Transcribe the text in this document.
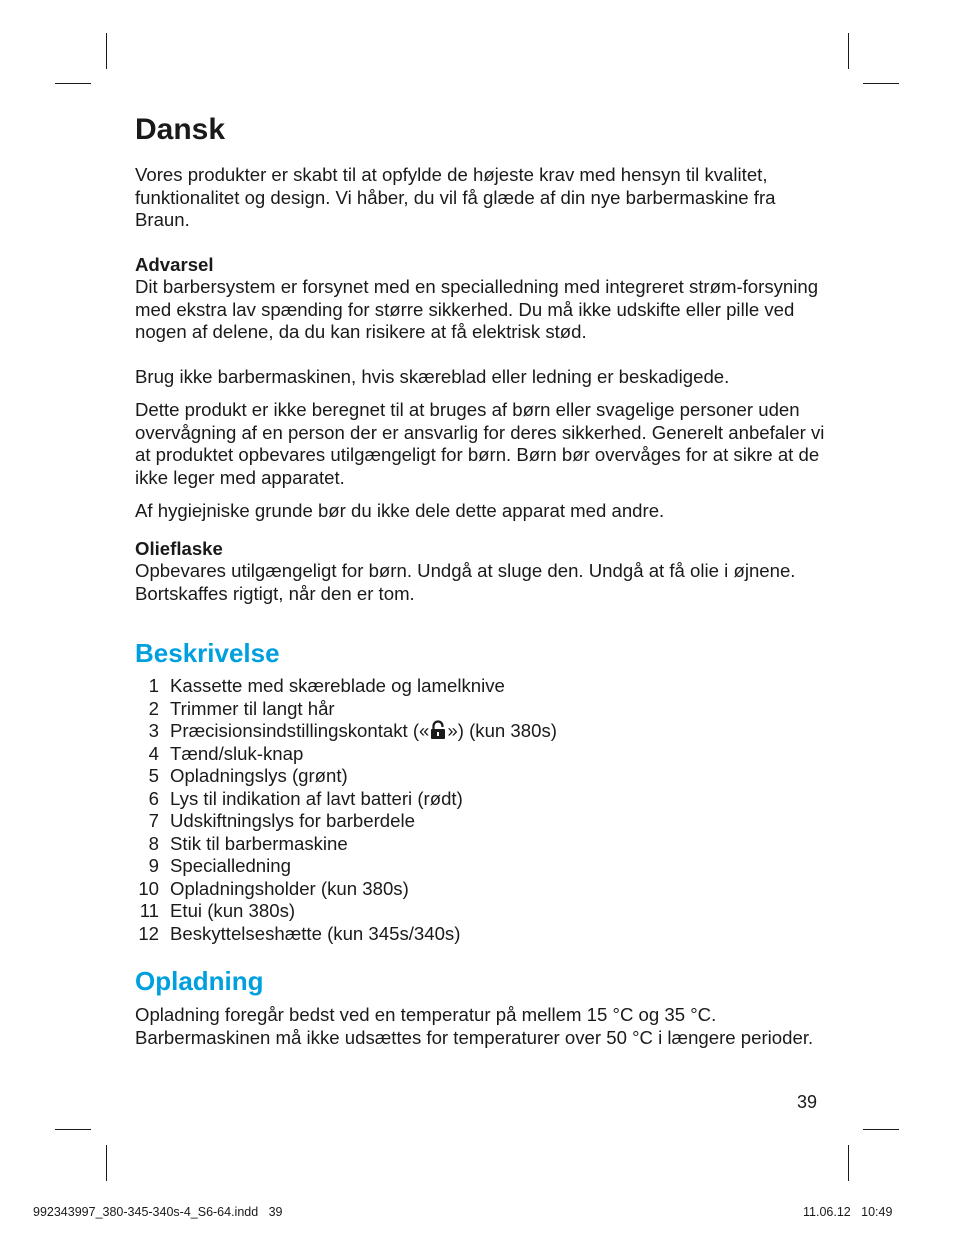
Dansk

Vores produkter er skabt til at opfylde de højeste krav med hensyn til kvalitet, funktionalitet og design. Vi håber, du vil få glæde af din nye barbermaskine fra Braun.

Advarsel

Dit barbersystem er forsynet med en specialledning med integreret strøm-forsyning med ekstra lav spænding for større sikkerhed. Du må ikke udskifte eller pille ved nogen af delene, da du kan risikere at få elektrisk stød.

Brug ikke barbermaskinen, hvis skæreblad eller ledning er beskadigede.

Dette produkt er ikke beregnet til at bruges af børn eller svagelige personer uden overvågning af en person der er ansvarlig for deres sikkerhed. Generelt anbefaler vi at produktet opbevares utilgængeligt for børn. Børn bør overvåges for at sikre at de ikke leger med apparatet.

Af hygiejniske grunde bør du ikke dele dette apparat med andre.

Olieflaske

Opbevares utilgængeligt for børn. Undgå at sluge den. Undgå at få olie i øjnene. Bortskaffes rigtigt, når den er tom.

Beskrivelse
1 Kassette med skæreblade og lamelknive
2 Trimmer til langt hår
3 Præcisionsindstillingskontakt (« ») (kun 380s)
4 Tænd/sluk-knap
5 Opladningslys (grønt)
6 Lys til indikation af lavt batteri (rødt)
7 Udskiftningslys for barberdele
8 Stik til barbermaskine
9 Specialledning
10 Opladningsholder (kun 380s)
11 Etui (kun 380s)
12 Beskyttelseshætte (kun 345s/340s)
Opladning

Opladning foregår bedst ved en temperatur på mellem 15 °C og 35 °C. Barbermaskinen må ikke udsættes for temperaturer over 50 °C i længere perioder.

39
992343997_380-345-340s-4_S6-64.indd   39	11.06.12   10:49
